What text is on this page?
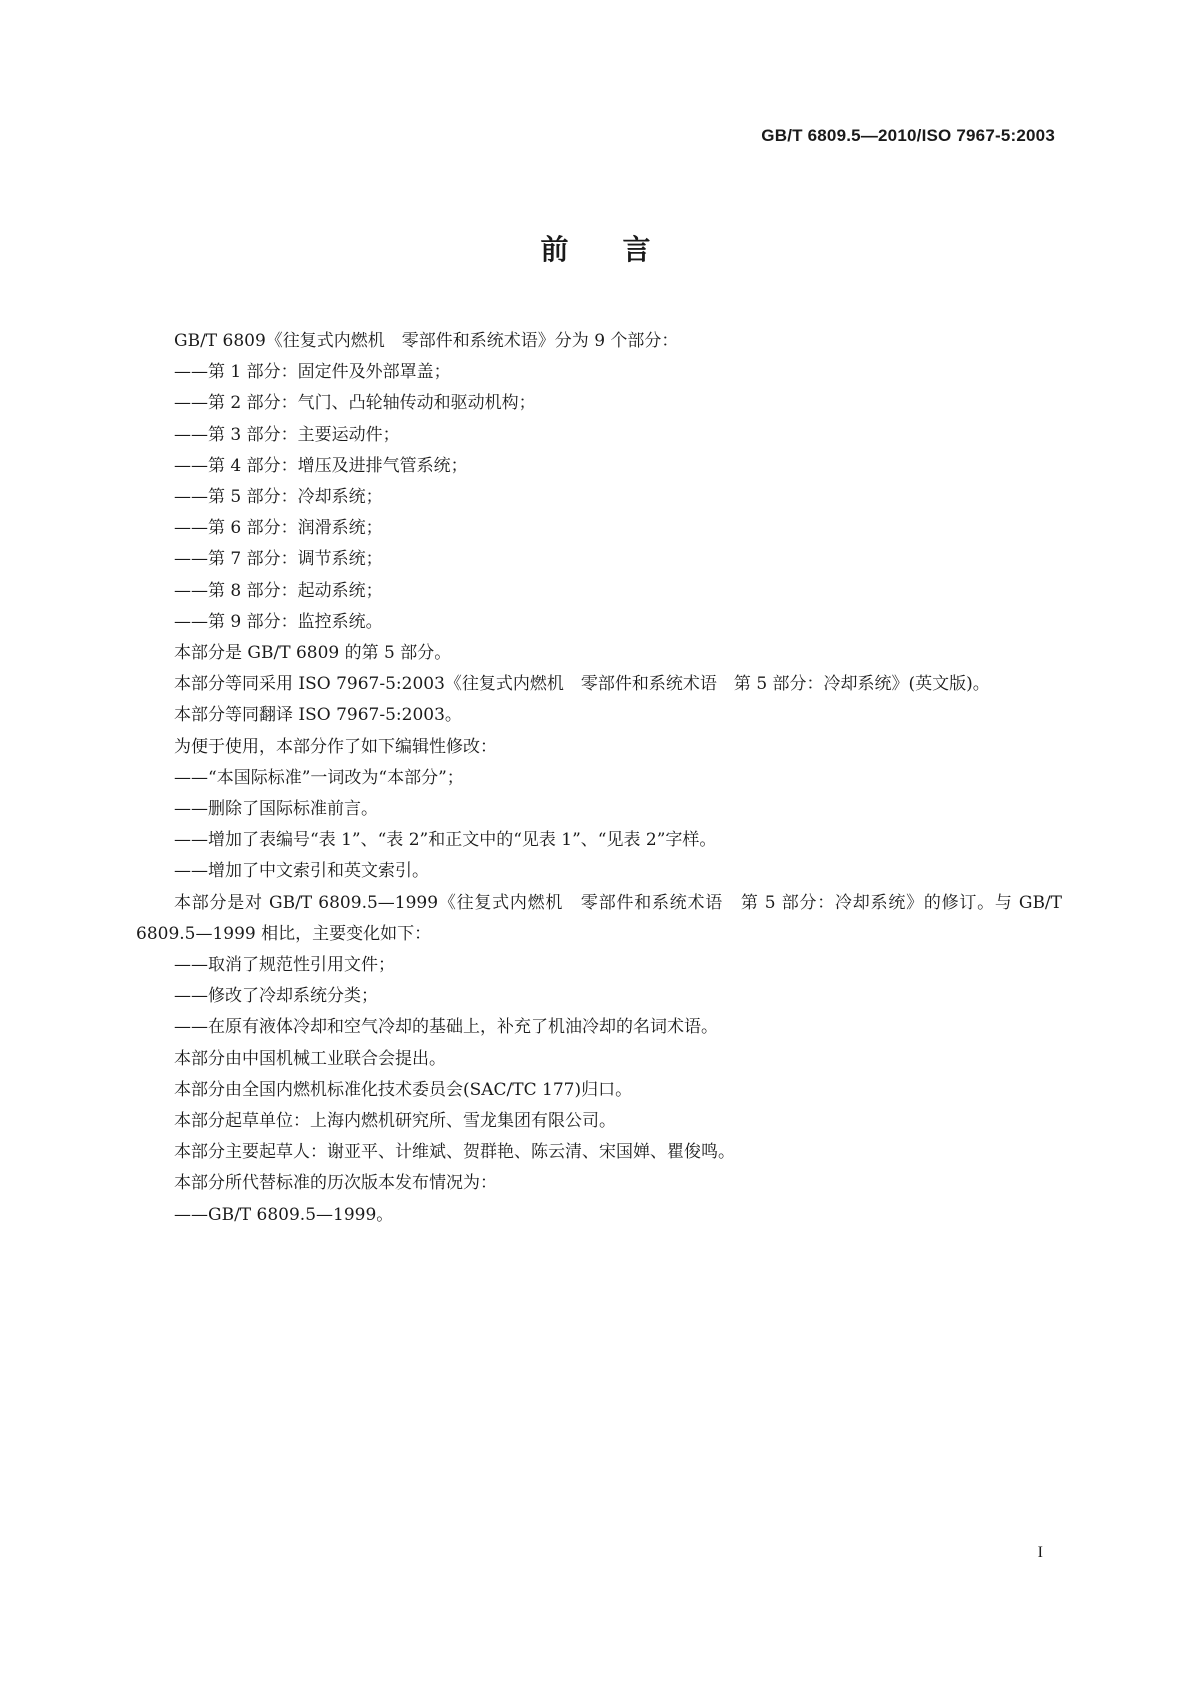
GB/T 6809.5—2010/ISO 7967-5:2003
前言

GB/T 6809《往复式内燃机　零部件和系统术语》分为 9 个部分：

——第 1 部分：固定件及外部罩盖；

——第 2 部分：气门、凸轮轴传动和驱动机构；

——第 3 部分：主要运动件；

——第 4 部分：增压及进排气管系统；

——第 5 部分：冷却系统；

——第 6 部分：润滑系统；

——第 7 部分：调节系统；

——第 8 部分：起动系统；

——第 9 部分：监控系统。

本部分是 GB/T 6809 的第 5 部分。

本部分等同采用 ISO 7967-5:2003《往复式内燃机　零部件和系统术语　第 5 部分：冷却系统》(英文版)。

本部分等同翻译 ISO 7967-5:2003。

为便于使用，本部分作了如下编辑性修改：

——“本国际标准”一词改为“本部分”；

——删除了国际标准前言。

——增加了表编号“表 1”、“表 2”和正文中的“见表 1”、“见表 2”字样。

——增加了中文索引和英文索引。

本部分是对 GB/T 6809.5—1999《往复式内燃机　零部件和系统术语　第 5 部分：冷却系统》的修订。与 GB/T 6809.5—1999 相比，主要变化如下：

——取消了规范性引用文件；

——修改了冷却系统分类；

——在原有液体冷却和空气冷却的基础上，补充了机油冷却的名词术语。

本部分由中国机械工业联合会提出。

本部分由全国内燃机标准化技术委员会(SAC/TC 177)归口。

本部分起草单位：上海内燃机研究所、雪龙集团有限公司。

本部分主要起草人：谢亚平、计维斌、贺群艳、陈云清、宋国婵、瞿俊鸣。

本部分所代替标准的历次版本发布情况为：

——GB/T 6809.5—1999。

I
